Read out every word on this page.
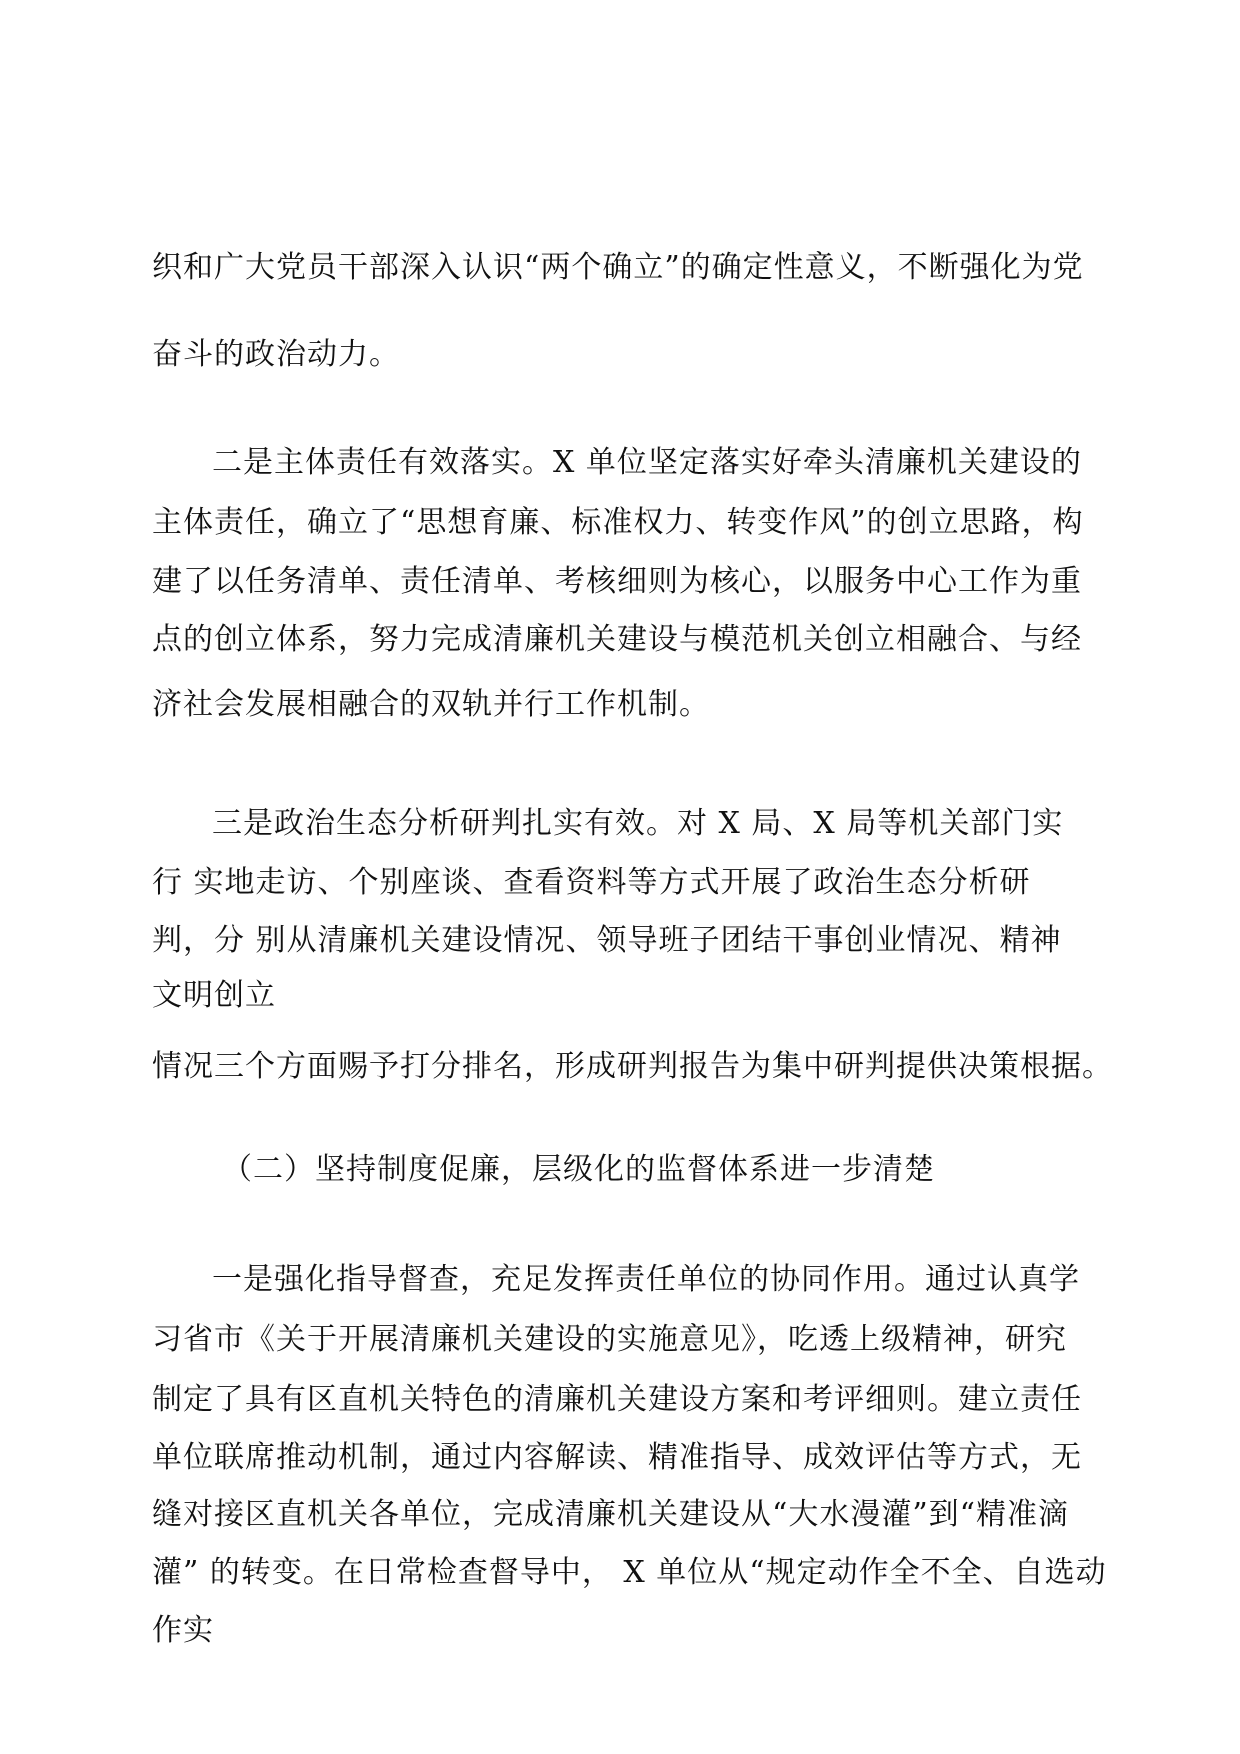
织和广大党员干部深入认识“两个确立”的确定性意义，不断强化为党
奋斗的政治动力。
二是主体责任有效落实。X 单位坚定落实好牵头清廉机关建设的
主体责任，确立了“思想育廉、标准权力、转变作风”的创立思路，构
建了以任务清单、责任清单、考核细则为核心，以服务中心工作为重
点的创立体系，努力完成清廉机关建设与模范机关创立相融合、与经
济社会发展相融合的双轨并行工作机制。
三是政治生态分析研判扎实有效。对 X 局、X 局等机关部门实
行 实地走访、个别座谈、查看资料等方式开展了政治生态分析研
判，分 别从清廉机关建设情况、领导班子团结干事创业情况、精神
文明创立
情况三个方面赐予打分排名，形成研判报告为集中研判提供决策根据。
（二）坚持制度促廉，层级化的监督体系进一步清楚
一是强化指导督查，充足发挥责任单位的协同作用。通过认真学
习省市《关于开展清廉机关建设的实施意见》，吃透上级精神，研究
制定了具有区直机关特色的清廉机关建设方案和考评细则。建立责任
单位联席推动机制，通过内容解读、精准指导、成效评估等方式，无
缝对接区直机关各单位，完成清廉机关建设从“大水漫灌”到“精准滴
灌” 的转变。在日常检查督导中， X 单位从“规定动作全不全、自选动
作实
